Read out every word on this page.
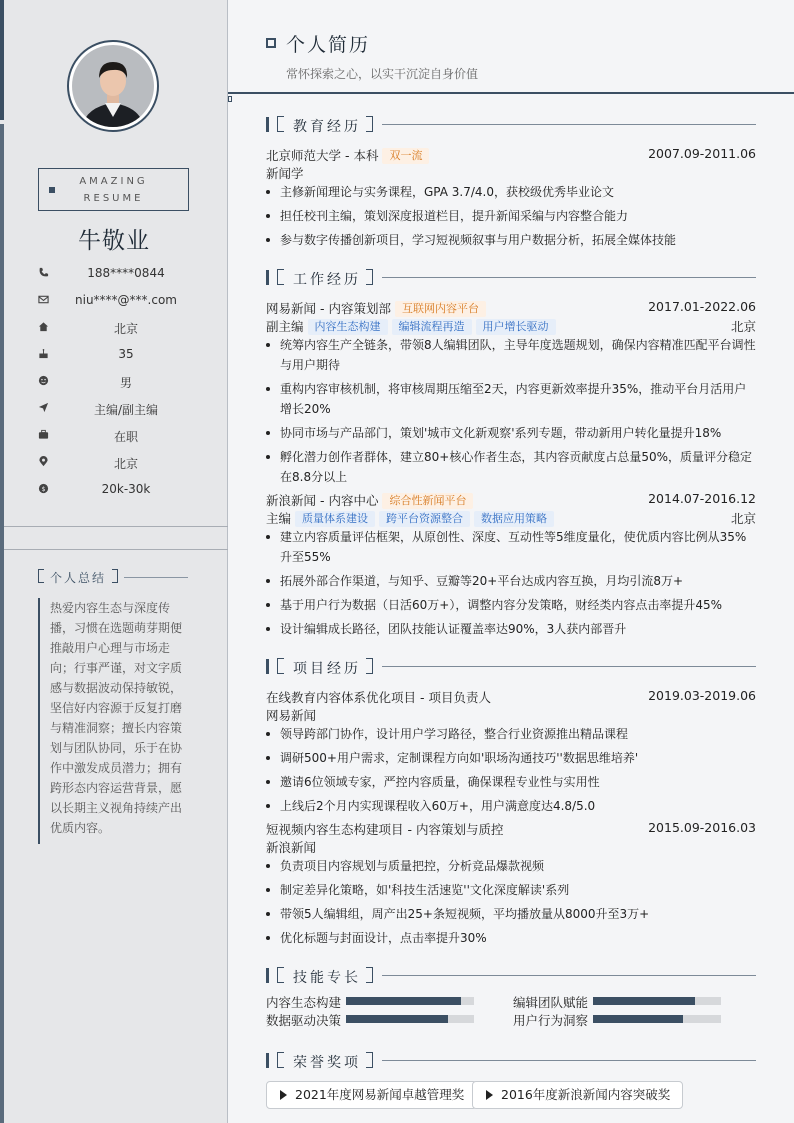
AMAZING
RESUME
牛敬业
188****0844
niu****@***.com
北京
35
男
主编/副主编
在职
北京
$	20k-30k
个人总结
热爱内容生态与深度传播，习惯在选题萌芽期便推敲用户心理与市场走向；行事严谨，对文字质感与数据波动保持敏锐，坚信好内容源于反复打磨与精准洞察；擅长内容策划与团队协同，乐于在协作中激发成员潜力；拥有跨形态内容运营背景，愿以长期主义视角持续产出优质内容。
个人简历
常怀探索之心，以实干沉淀自身价值
教育经历
北京师范大学 - 本科 双一流	2007.09-2011.06
新闻学
主修新闻理论与实务课程，GPA 3.7/4.0，获校级优秀毕业论文
担任校刊主编，策划深度报道栏目，提升新闻采编与内容整合能力
参与数字传播创新项目，学习短视频叙事与用户数据分析，拓展全媒体技能
工作经历
网易新闻 - 内容策划部 互联网内容平台	2017.01-2022.06
副主编 内容生态构建 编辑流程再造 用户增长驱动	北京
统筹内容生产全链条，带领8人编辑团队，主导年度选题规划，确保内容精准匹配平台调性与用户期待
重构内容审核机制，将审核周期压缩至2天，内容更新效率提升35%，推动平台月活用户增长20%
协同市场与产品部门，策划'城市文化新观察'系列专题，带动新用户转化量提升18%
孵化潜力创作者群体，建立80+核心作者生态，其内容贡献度占总量50%，质量评分稳定在8.8分以上
新浪新闻 - 内容中心 综合性新闻平台	2014.07-2016.12
主编 质量体系建设 跨平台资源整合 数据应用策略	北京
建立内容质量评估框架，从原创性、深度、互动性等5维度量化，使优质内容比例从35%升至55%
拓展外部合作渠道，与知乎、豆瓣等20+平台达成内容互换，月均引流8万+
基于用户行为数据（日活60万+），调整内容分发策略，财经类内容点击率提升45%
设计编辑成长路径，团队技能认证覆盖率达90%，3人获内部晋升
项目经历
在线教育内容体系优化项目 - 项目负责人	2019.03-2019.06
网易新闻
领导跨部门协作，设计用户学习路径，整合行业资源推出精品课程
调研500+用户需求，定制课程方向如'职场沟通技巧''数据思维培养'
邀请6位领域专家，严控内容质量，确保课程专业性与实用性
上线后2个月内实现课程收入60万+，用户满意度达4.8/5.0
短视频内容生态构建项目 - 内容策划与质控	2015.09-2016.03
新浪新闻
负责项目内容规划与质量把控，分析竞品爆款视频
制定差异化策略，如'科技生活速览''文化深度解读'系列
带领5人编辑组，周产出25+条短视频，平均播放量从8000升至3万+
优化标题与封面设计，点击率提升30%
技能专长
内容生态构建	编辑团队赋能
数据驱动决策	用户行为洞察
荣誉奖项
2021年度网易新闻卓越管理奖	2016年度新浪新闻内容突破奖
